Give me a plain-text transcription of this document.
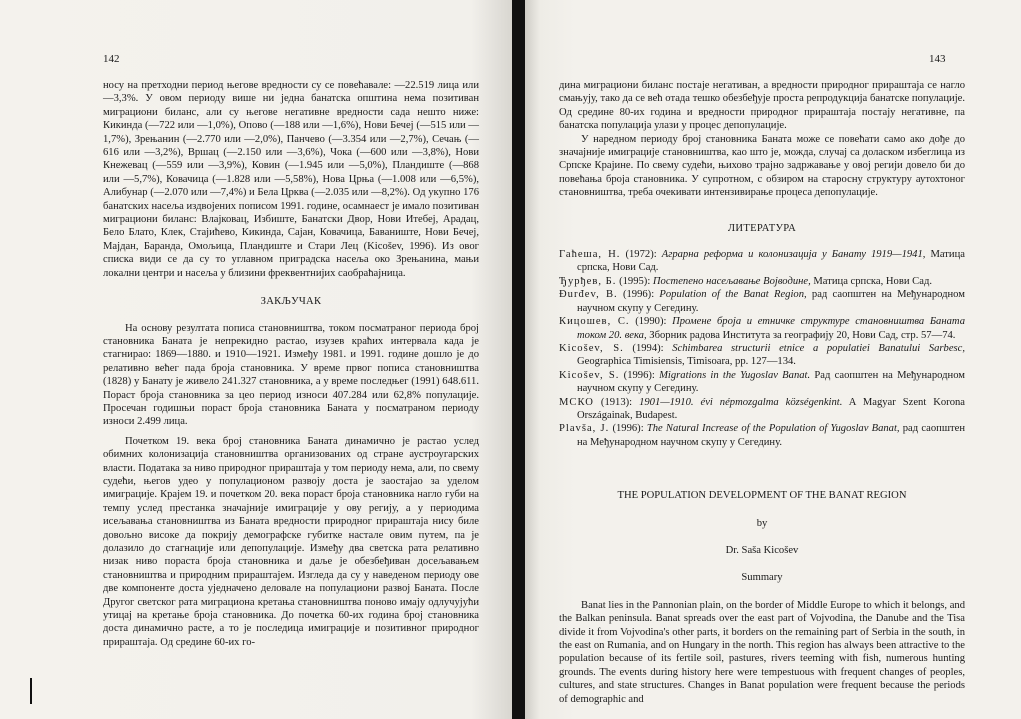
142

носу на претходни период његове вредности су се повећавале: —22.519 лица или —3,3%. У овом периоду више ни једна банатска општина нема позитиван миграциони биланс, али су његове негативне вредности сада нешто ниже: Кикинда (—722 или —1,0%), Опово (—188 или —1,6%), Нови Бечеј (—515 или —1,7%), Зрењанин (—2.770 или —2,0%), Панчево (—3.354 или —2,7%), Сечањ (—616 или —3,2%), Вршац (—2.150 или —3,6%), Чока (—600 или —3,8%), Нови Кнежевац (—559 или —3,9%), Ковин (—1.945 или —5,0%), Пландиште (—868 или —5,7%), Ковачица (—1.828 или —5,58%), Нова Црња (—1.008 или —6,5%), Алибунар (—2.070 или —7,4%) и Бела Црква (—2.035 или —8,2%). Од укупно 176 банатских насеља издвојених пописом 1991. године, осамнаест је имало позитиван миграциони биланс: Влајковац, Избиште, Банатски Двор, Нови Итебеј, Арадац, Бело Блато, Клек, Стајићево, Кикинда, Сајан, Ковачица, Бавaниште, Нови Бечеј, Мајдан, Баранда, Омољица, Пландиште и Стари Лец (Kicošev, 1996). Из овог списка види се да су то углавном приградска насеља око Зрењанина, мањи локални центри и насеља у близини фреквентнијих саобраћајница.

ЗАКЉУЧАК

На основу резултата пописа становништва, током посматраног периода број становника Баната је непрекидно растао, изузев краћих интервала када је стагнирао: 1869—1880. и 1910—1921. Између 1981. и 1991. године дошло је до релативно већег пада броја становника. У време првог пописа становништва (1828) у Банату је живело 241.327 становника, а у време последњег (1991) 648.611. Пораст броја становника за цео период износи 407.284 или 62,8% популације. Просечан годишњи пораст броја становника Баната у посматраном периоду износи 2.499 лица.

Почетком 19. века број становника Баната динамично је растао услед обимних колонизација становништва организованих од стране аустроугарских власти. Података за ниво природног прираштаја у том периоду нема, али, по свему судећи, његов удео у популационом развоју доста је заостајао за уделом имиграције. Крајем 19. и почетком 20. века пораст броја становника нагло губи на темпу услед престанка значајније имиграције у ову регију, а у периодима исељавања становништва из Баната вредности природног прираштаја нису биле довољно високе да покрију демографске губитке настале овим путем, па је долазило до стагнације или депопулације. Између два светска рата релативно низак ниво пораста броја становника и даље је обезбеђиван досељавањем становништва и природним прираштајем. Изгледа да су у наведеном периоду ове две компоненте доста уједначено деловале на популациони развој Баната. После Другог светског рата миграциона кретања становништва поново имају одлучујући утицај на кретање броја становника. До почетка 60-их година број становника доста динамично расте, а то је последица имиграције и позитивног природног прираштаја. Од средине 60-их го-

143

дина миграциони биланс постаје негативан, а вредности природног прираштаја се нагло смањују, тако да се већ отада тешко обезбеђује проста репродукција банатске популације. Од средине 80-их година и вредности природног прираштаја постају негативне, па банатска популација улази у процес депопулације.

У наредном периоду број становника Баната може се повећати само ако дође до значајније имиграције становништва, као што је, можда, случај са доласком избеглица из Српске Крајине. По свему судећи, њихово трајно задржавање у овој регији довело би до повећања броја становника. У супротном, с обзиром на старосну структуру аутохтоног становништва, треба очекивати интензивирање процеса депопулације.

ЛИТЕРАТУРА

Гаћеша, Н. (1972): Аграрна реформа и колонизација у Банату 1919—1941, Матица српска, Нови Сад.

Ђурђев, Б. (1995): Постепено насељавање Војводине, Матица српска, Нови Сад.

Đurđev, B. (1996): Population of the Banat Region, рад саопштен на Међународном научном скупу у Сегедину.

Кицошев, С. (1990): Промене броја и етничке структуре становништва Баната током 20. века, Зборник радова Института за географију 20, Нови Сад, стр. 57—74.

Kicošev, S. (1994): Schimbarea structurii etnice a populatiei Banatului Sarbesc, Geographica Timisiensis, Timisoara, pp. 127—134.

Kicošev, S. (1996): Migrations in the Yugoslav Banat. Рад саопштен на Међународном научном скупу у Сегедину.

МСКО (1913): 1901—1910. évi népmozgalma községenkint. A Magyar Szent Korona Országainak, Budapest.

Plavša, J. (1996): The Natural Increase of the Population of Yugoslav Banat, рад саопштен на Међународном научном скупу у Сегедину.

THE POPULATION DEVELOPMENT OF THE BANAT REGION
by
Dr. Saša Kicošev
Summary

Banat lies in the Pannonian plain, on the border of Middle Europe to which it belongs, and the Balkan peninsula. Banat spreads over the east part of Vojvodina, the Danube and the Tisa divide it from Vojvodina's other parts, it borders on the remaining part of Serbia in the south, in the east on Rumania, and on Hungary in the north. This region has always been attractive to the population because of its fertile soil, pastures, rivers teeming with fish, numerous hunting grounds. The events during history here were tempestuous with frequent changes of peoples, cultures, and state structures. Changes in Banat population were frequent because the periods of demographic and
